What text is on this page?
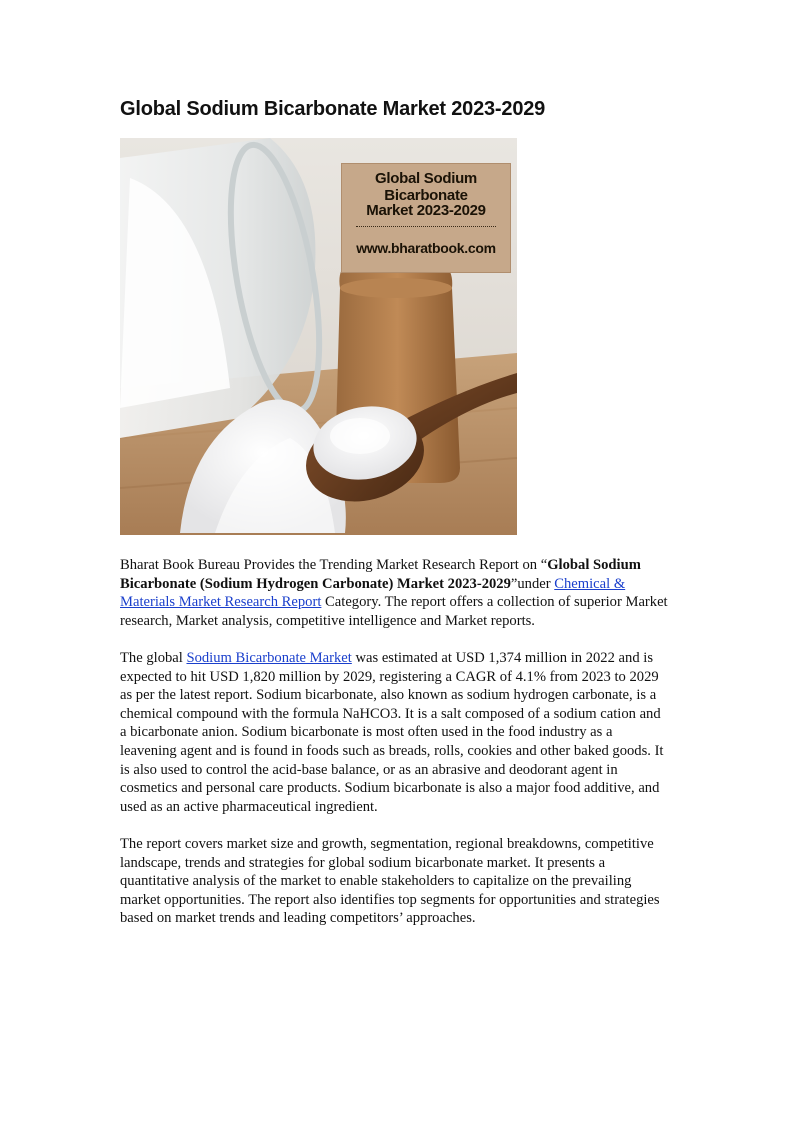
Global Sodium Bicarbonate Market 2023-2029
Global Sodium Bicarbonate
Market 2023-2029
www.bharatbook.com

Bharat Book Bureau Provides the Trending Market Research Report on “Global Sodium Bicarbonate (Sodium Hydrogen Carbonate) Market 2023-2029”under Chemical & Materials Market Research Report Category. The report offers a collection of superior Market research, Market analysis, competitive intelligence and Market reports.

The global Sodium Bicarbonate Market was estimated at USD 1,374 million in 2022 and is expected to hit USD 1,820 million by 2029, registering a CAGR of 4.1% from 2023 to 2029 as per the latest report. Sodium bicarbonate, also known as sodium hydrogen carbonate, is a chemical compound with the formula NaHCO3. It is a salt composed of a sodium cation and a bicarbonate anion. Sodium bicarbonate is most often used in the food industry as a leavening agent and is found in foods such as breads, rolls, cookies and other baked goods. It is also used to control the acid-base balance, or as an abrasive and deodorant agent in cosmetics and personal care products. Sodium bicarbonate is also a major food additive, and used as an active pharmaceutical ingredient.

The report covers market size and growth, segmentation, regional breakdowns, competitive landscape, trends and strategies for global sodium bicarbonate market. It presents a quantitative analysis of the market to enable stakeholders to capitalize on the prevailing market opportunities. The report also identifies top segments for opportunities and strategies based on market trends and leading competitors’ approaches.
